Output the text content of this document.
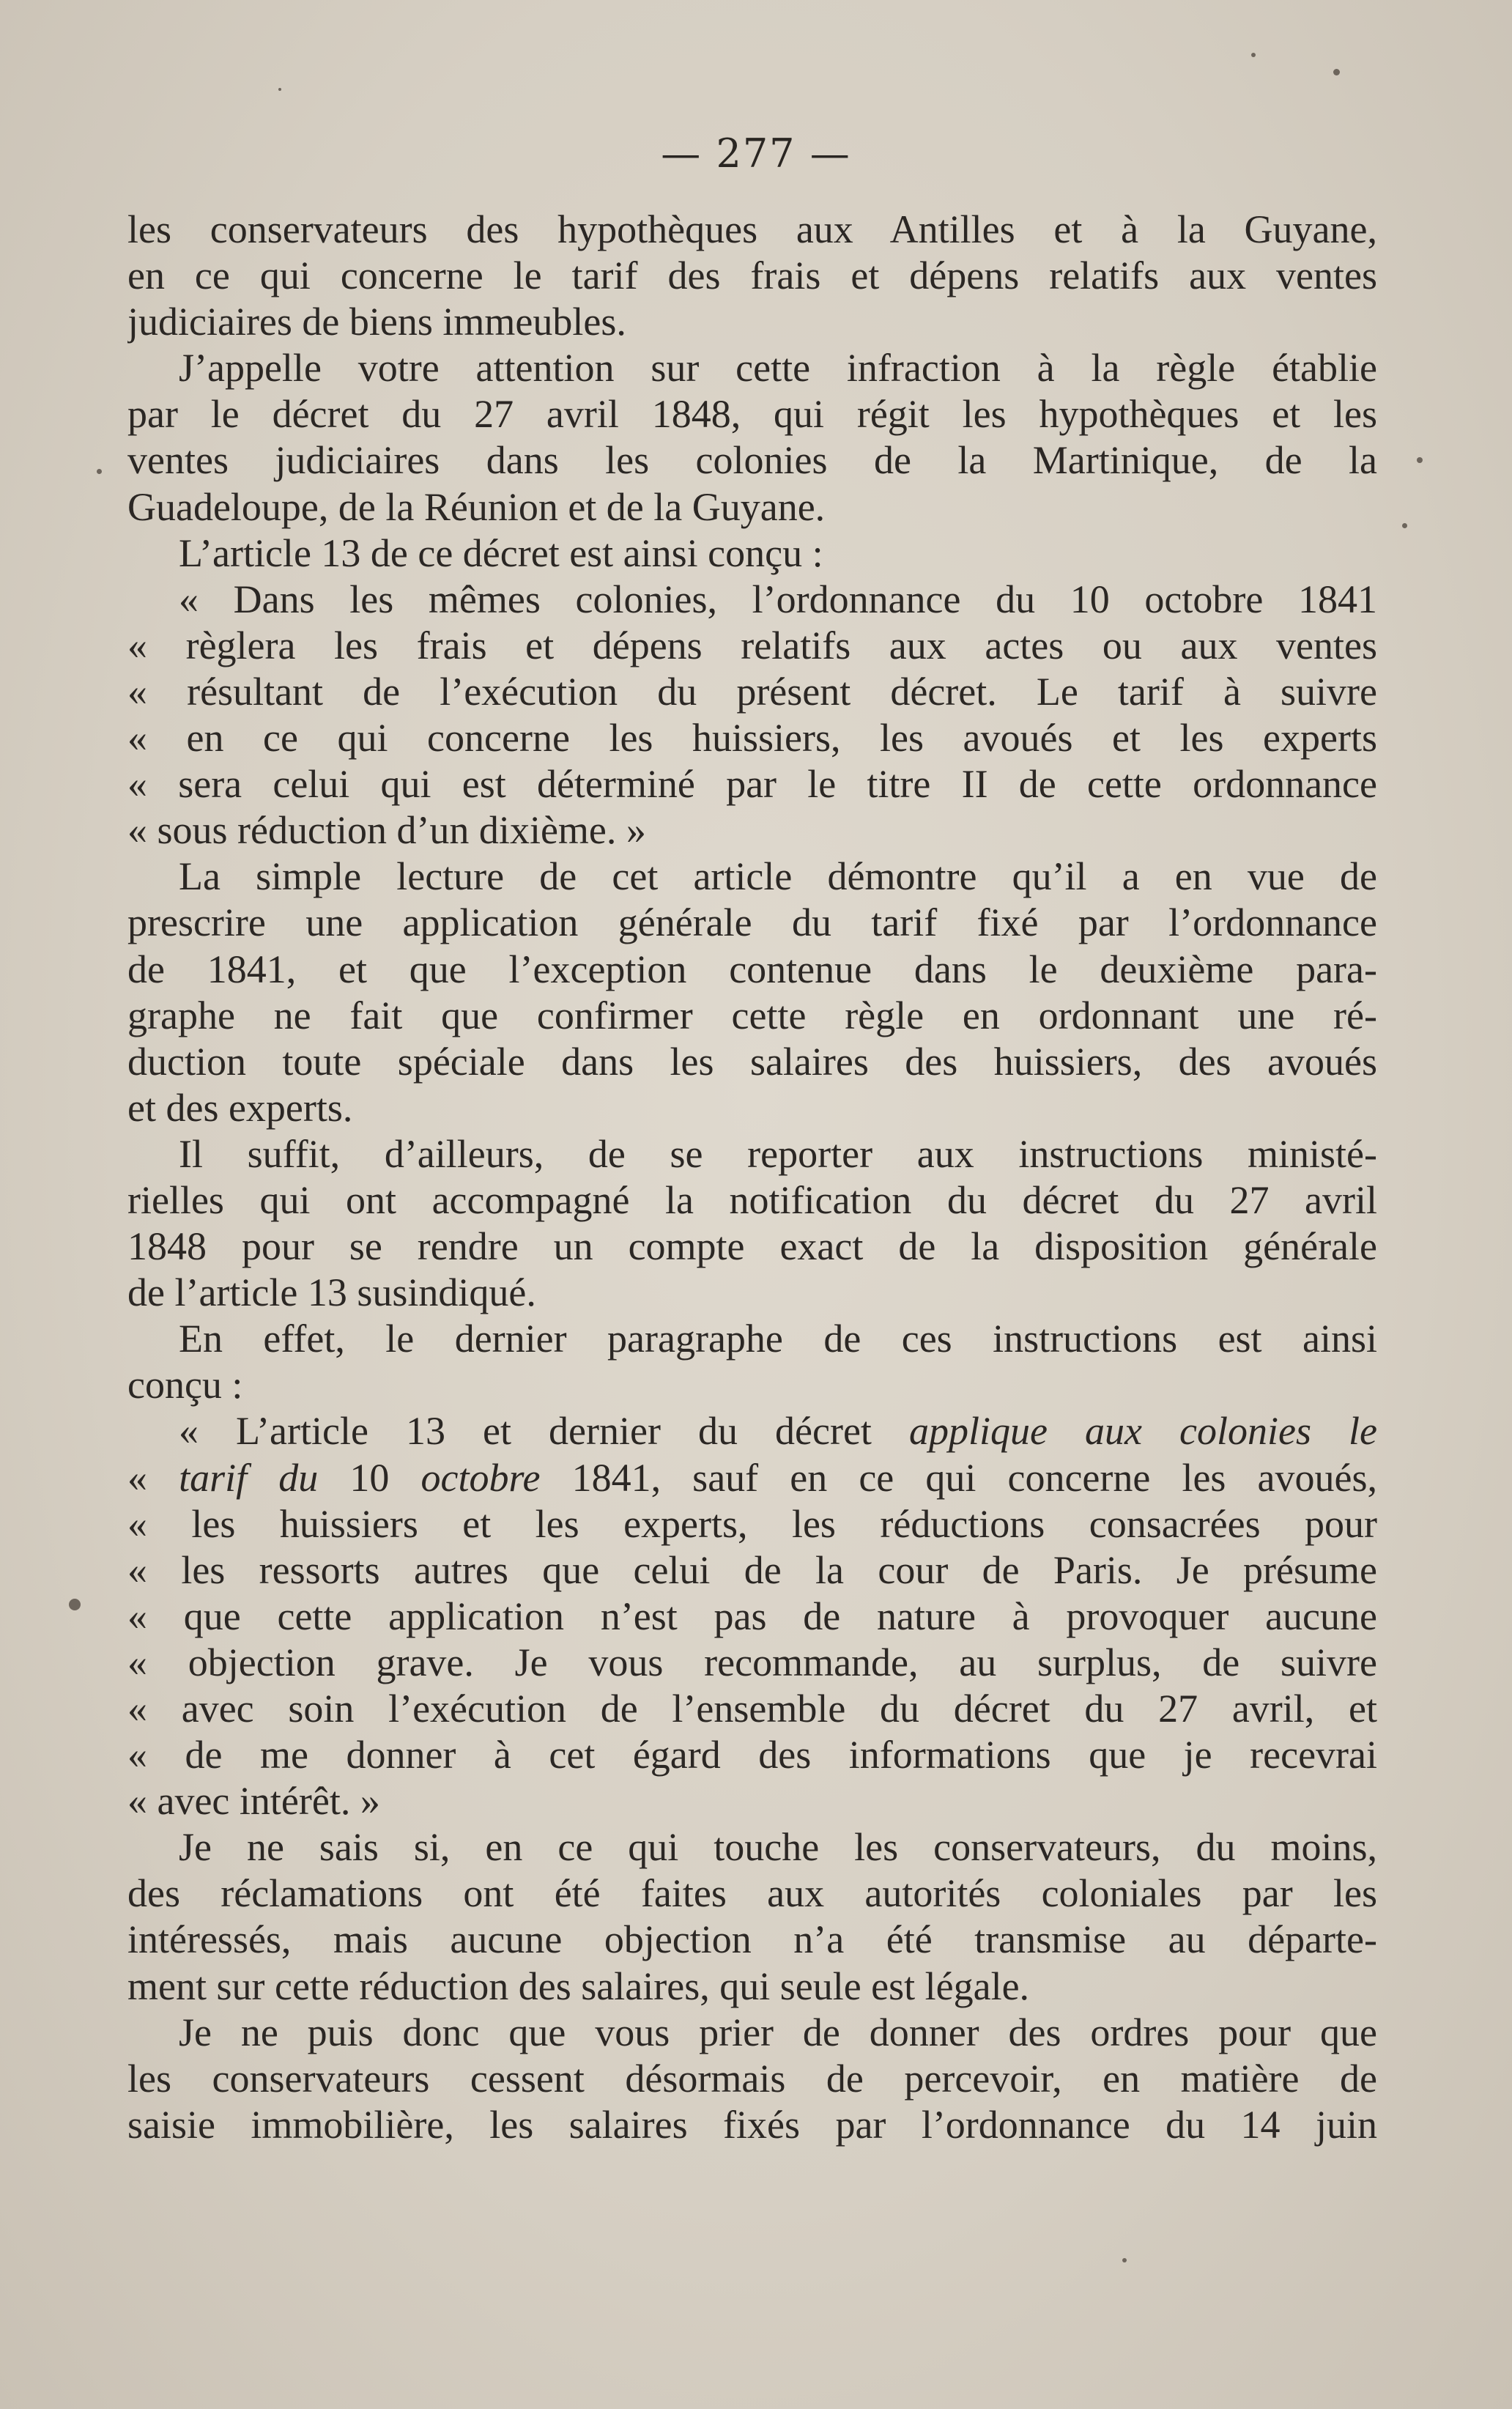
— 277 —
les conservateurs des hypothèques aux Antilles et à la Guyane,
en ce qui concerne le tarif des frais et dépens relatifs aux ventes
judiciaires de biens immeubles.
J’appelle votre attention sur cette infraction à la règle établie
par le décret du 27 avril 1848, qui régit les hypothèques et les
ventes judiciaires dans les colonies de la Martinique, de la
Guadeloupe, de la Réunion et de la Guyane.
L’article 13 de ce décret est ainsi conçu :
« Dans les mêmes colonies, l’ordonnance du 10 octobre 1841
« règlera les frais et dépens relatifs aux actes ou aux ventes
« résultant de l’exécution du présent décret. Le tarif à suivre
« en ce qui concerne les huissiers, les avoués et les experts
« sera celui qui est déterminé par le titre II de cette ordonnance
« sous réduction d’un dixième. »
La simple lecture de cet article démontre qu’il a en vue de
prescrire une application générale du tarif fixé par l’ordonnance
de 1841, et que l’exception contenue dans le deuxième para-
graphe ne fait que confirmer cette règle en ordonnant une ré-
duction toute spéciale dans les salaires des huissiers, des avoués
et des experts.
Il suffit, d’ailleurs, de se reporter aux instructions ministé-
rielles qui ont accompagné la notification du décret du 27 avril
1848 pour se rendre un compte exact de la disposition générale
de l’article 13 susindiqué.
En effet, le dernier paragraphe de ces instructions est ainsi
conçu :
« L’article 13 et dernier du décret applique aux colonies le
« tarif du 10 octobre 1841, sauf en ce qui concerne les avoués,
« les huissiers et les experts, les réductions consacrées pour
« les ressorts autres que celui de la cour de Paris. Je présume
« que cette application n’est pas de nature à provoquer aucune
« objection grave. Je vous recommande, au surplus, de suivre
« avec soin l’exécution de l’ensemble du décret du 27 avril, et
« de me donner à cet égard des informations que je recevrai
« avec intérêt. »
Je ne sais si, en ce qui touche les conservateurs, du moins,
des réclamations ont été faites aux autorités coloniales par les
intéressés, mais aucune objection n’a été transmise au départe-
ment sur cette réduction des salaires, qui seule est légale.
Je ne puis donc que vous prier de donner des ordres pour que
les conservateurs cessent désormais de percevoir, en matière de
saisie immobilière, les salaires fixés par l’ordonnance du 14 juin
